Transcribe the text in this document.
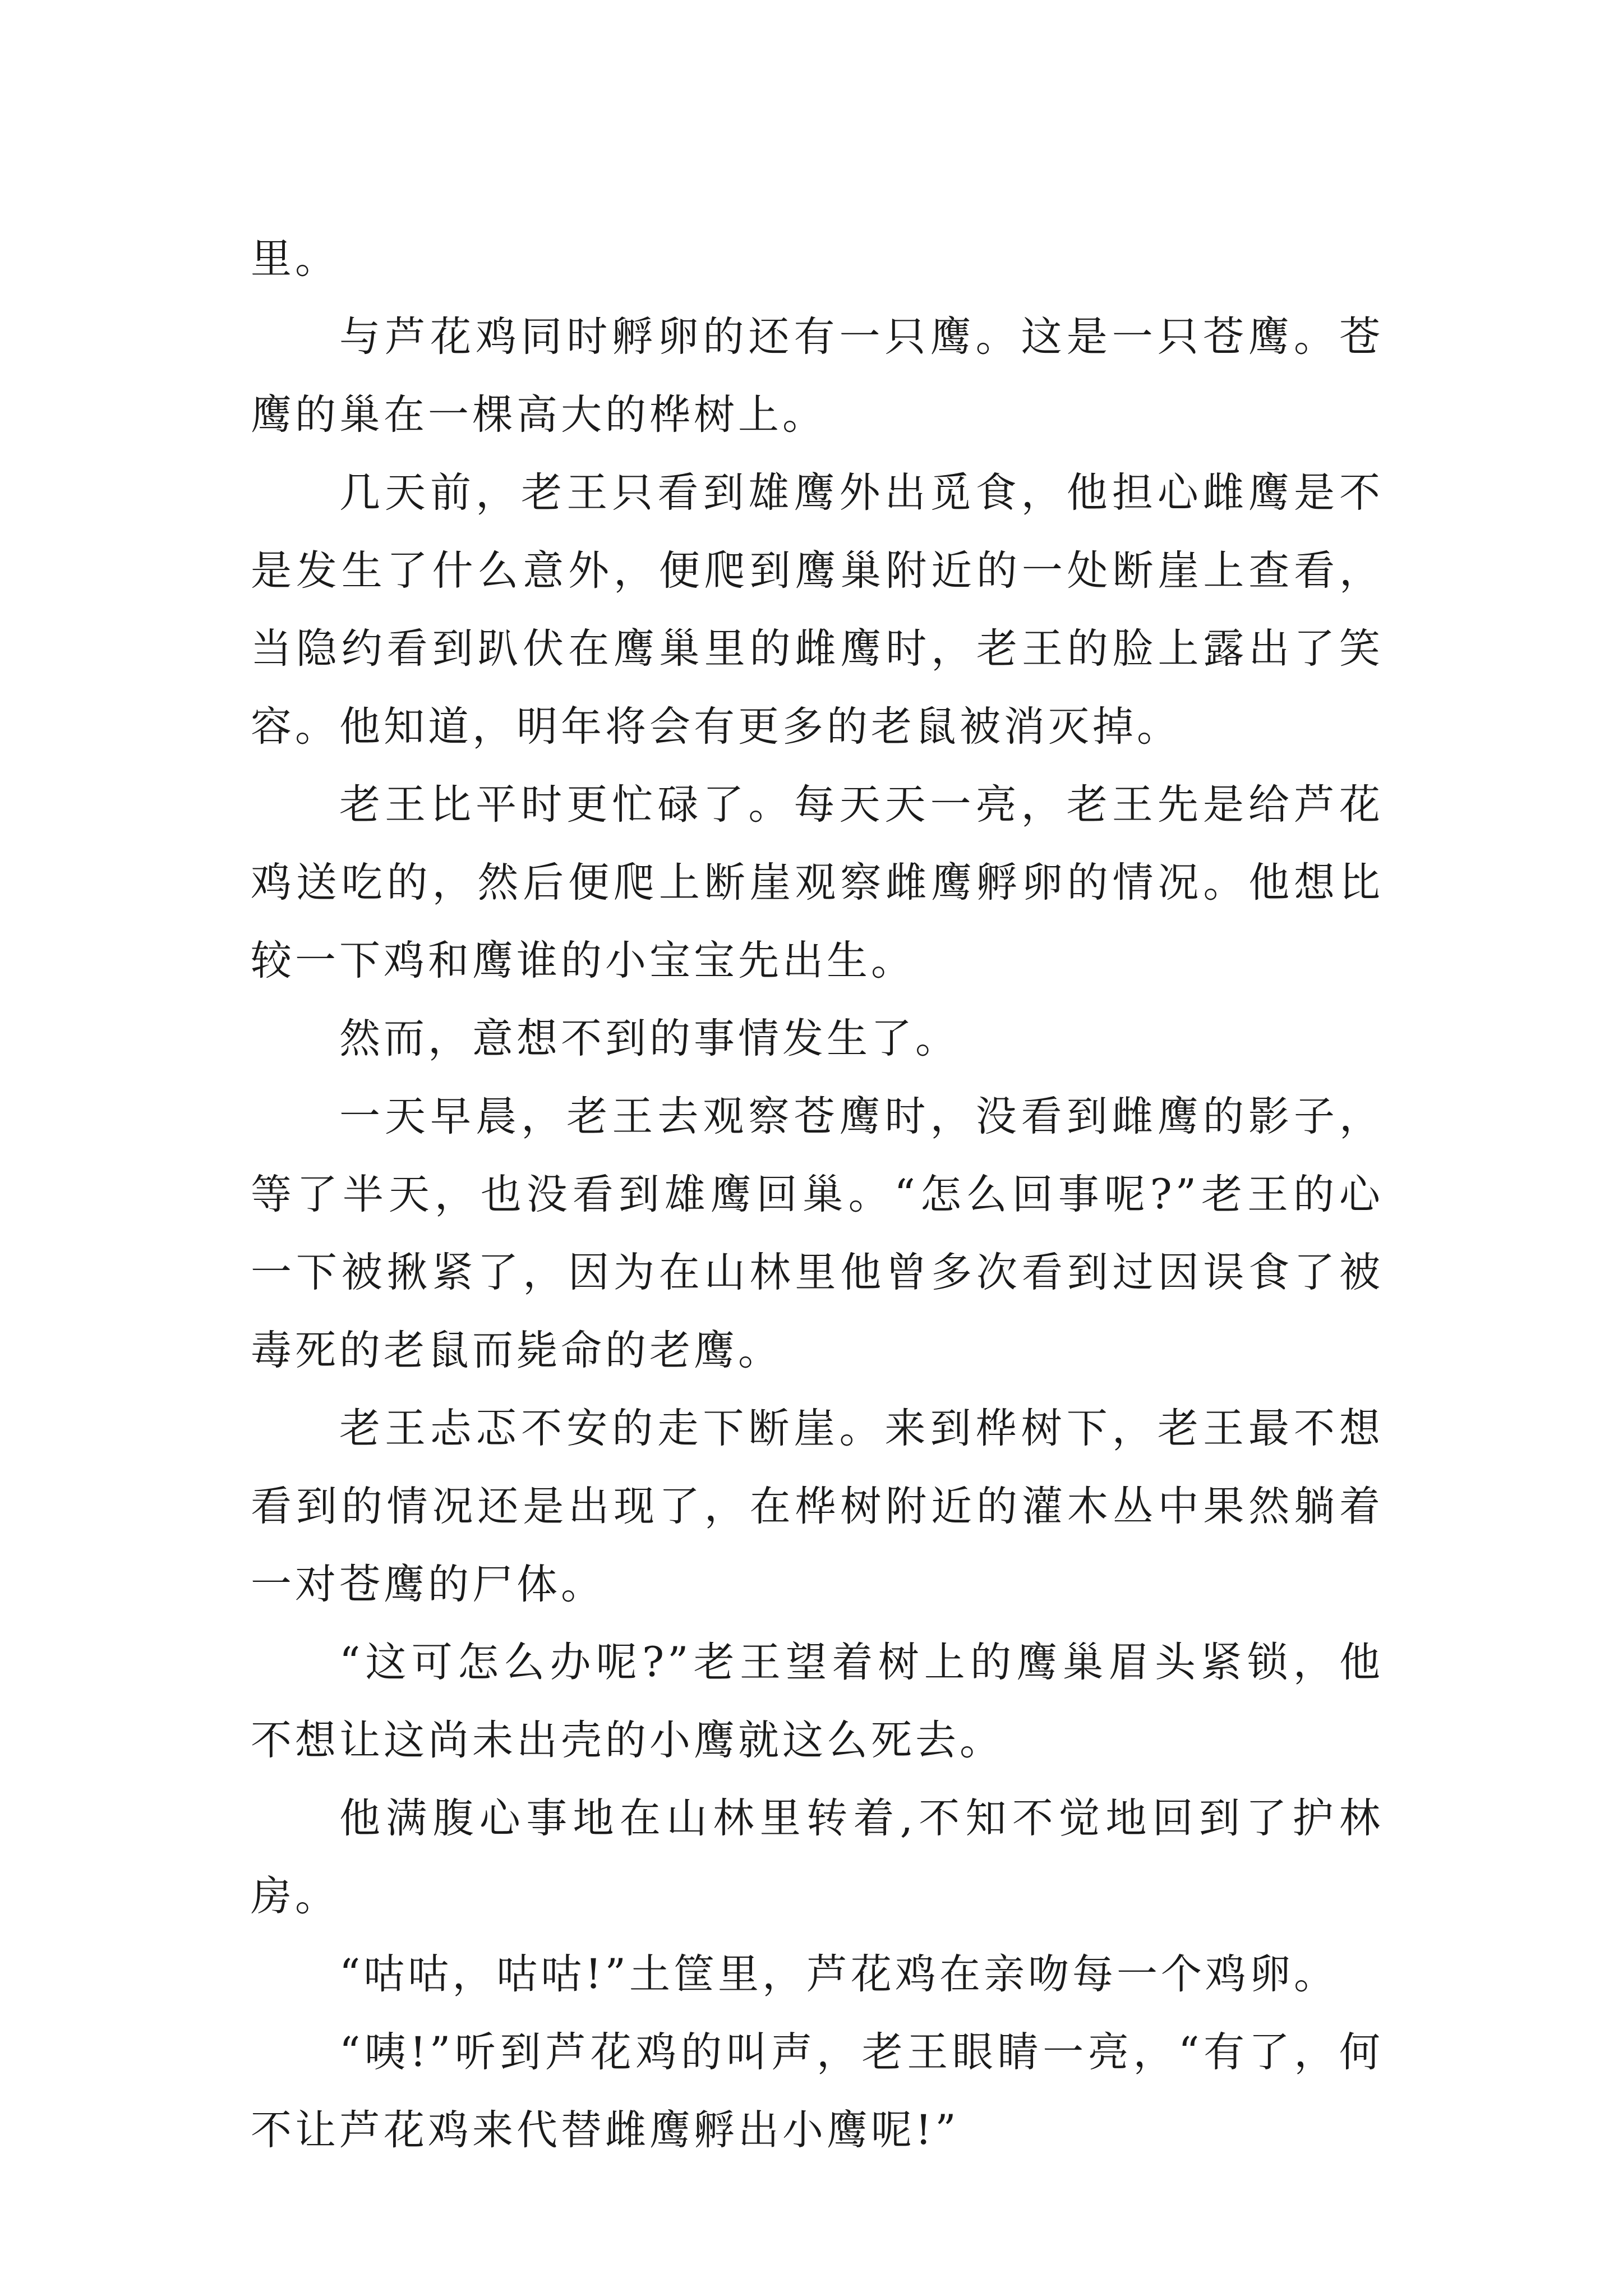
里。

与芦花鸡同时孵卵的还有一只鹰。这是一只苍鹰。苍鹰的巢在一棵高大的桦树上。

几天前，老王只看到雄鹰外出觅食，他担心雌鹰是不是发生了什么意外，便爬到鹰巢附近的一处断崖上查看，当隐约看到趴伏在鹰巢里的雌鹰时，老王的脸上露出了笑容。他知道，明年将会有更多的老鼠被消灭掉。

老王比平时更忙碌了。每天天一亮，老王先是给芦花鸡送吃的，然后便爬上断崖观察雌鹰孵卵的情况。他想比较一下鸡和鹰谁的小宝宝先出生。

然而，意想不到的事情发生了。

一天早晨，老王去观察苍鹰时，没看到雌鹰的影子，等了半天，也没看到雄鹰回巢。“怎么回事呢?”老王的心一下被揪紧了，因为在山林里他曾多次看到过因误食了被毒死的老鼠而毙命的老鹰。

老王忐忑不安的走下断崖。来到桦树下，老王最不想看到的情况还是出现了，在桦树附近的灌木丛中果然躺着一对苍鹰的尸体。

“这可怎么办呢?”老王望着树上的鹰巢眉头紧锁，他不想让这尚未出壳的小鹰就这么死去。

他满腹心事地在山林里转着,不知不觉地回到了护林房。

“咕咕，咕咕!”土筐里，芦花鸡在亲吻每一个鸡卵。

“咦!”听到芦花鸡的叫声，老王眼睛一亮，“有了，何不让芦花鸡来代替雌鹰孵出小鹰呢!”
